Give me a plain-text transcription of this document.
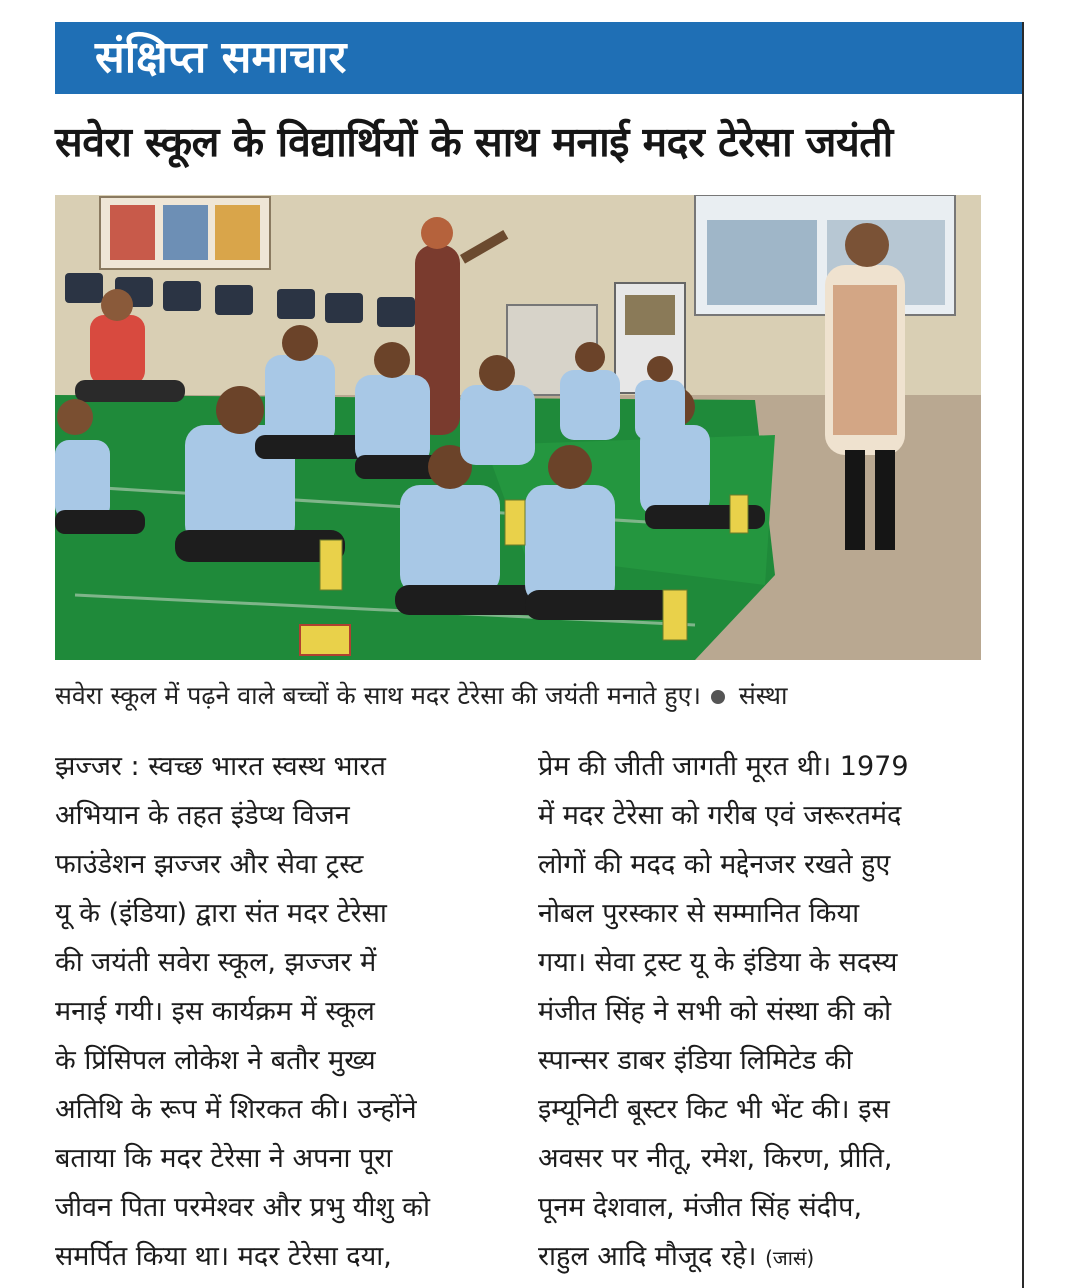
संक्षिप्त समाचार
सवेरा स्कूल के विद्यार्थियों के साथ मनाई मदर टेरेसा जयंती
सवेरा स्कूल में पढ़ने वाले बच्चों के साथ मदर टेरेसा की जयंती मनाते हुए। संस्था
झज्जर : स्वच्छ भारत स्वस्थ भारत
अभियान के तहत इंडेप्थ विजन
फाउंडेशन झज्जर और सेवा ट्रस्ट
यू के (इंडिया) द्वारा संत मदर टेरेसा
की जयंती सवेरा स्कूल, झज्जर में
मनाई गयी। इस कार्यक्रम में स्कूल
के प्रिंसिपल लोकेश ने बतौर मुख्य
अतिथि के रूप में शिरकत की। उन्होंने
बताया कि मदर टेरेसा ने अपना पूरा
जीवन पिता परमेश्वर और प्रभु यीशु को
समर्पित किया था। मदर टेरेसा दया,
प्रेम की जीती जागती मूरत थी। 1979
में मदर टेरेसा को गरीब एवं जरूरतमंद
लोगों की मदद को मद्देनजर रखते हुए
नोबल पुरस्कार से सम्मानित किया
गया। सेवा ट्रस्ट यू के इंडिया के सदस्य
मंजीत सिंह ने सभी को संस्था की को
स्पान्सर डाबर इंडिया लिमिटेड की
इम्यूनिटी बूस्टर किट भी भेंट की। इस
अवसर पर नीतू, रमेश, किरण, प्रीति,
पूनम देशवाल, मंजीत सिंह संदीप,
राहुल आदि मौजूद रहे। (जासं)
